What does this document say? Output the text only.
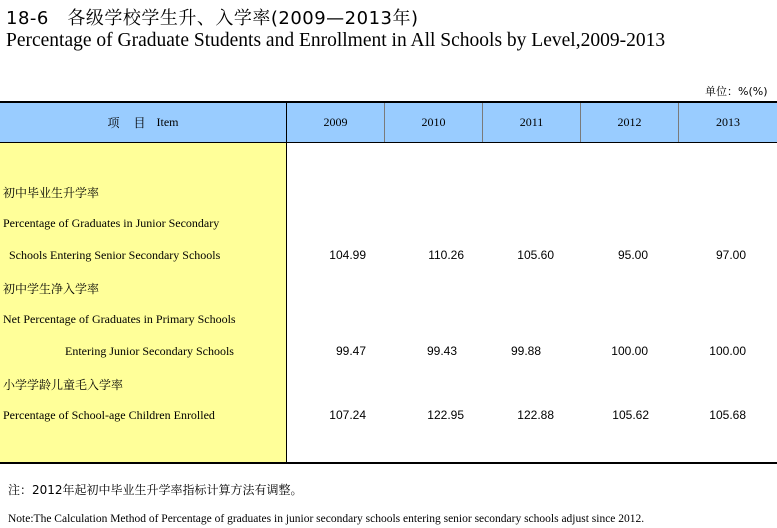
18-6　各级学校学生升、入学率(2009—2013年)
Percentage of Graduate Students and Enrollment in All Schools by Level,2009-2013
单位：%(%)
项　目 Item	2009	2010	2011	2012	2013
初中毕业生升学率
Percentage of Graduates in Junior Secondary
Schools Entering Senior Secondary Schools	104.99	110.26	105.60	95.00	97.00
初中学生净入学率
Net Percentage of Graduates in Primary Schools
Entering Junior Secondary Schools	99.47	99.43	99.88	100.00	100.00
小学学龄儿童毛入学率
Percentage of School-age Children Enrolled	107.24	122.95	122.88	105.62	105.68
注：2012年起初中毕业生升学率指标计算方法有调整。
Note:The Calculation Method of Percentage of graduates in junior secondary schools entering senior secondary schools adjust since 2012.
